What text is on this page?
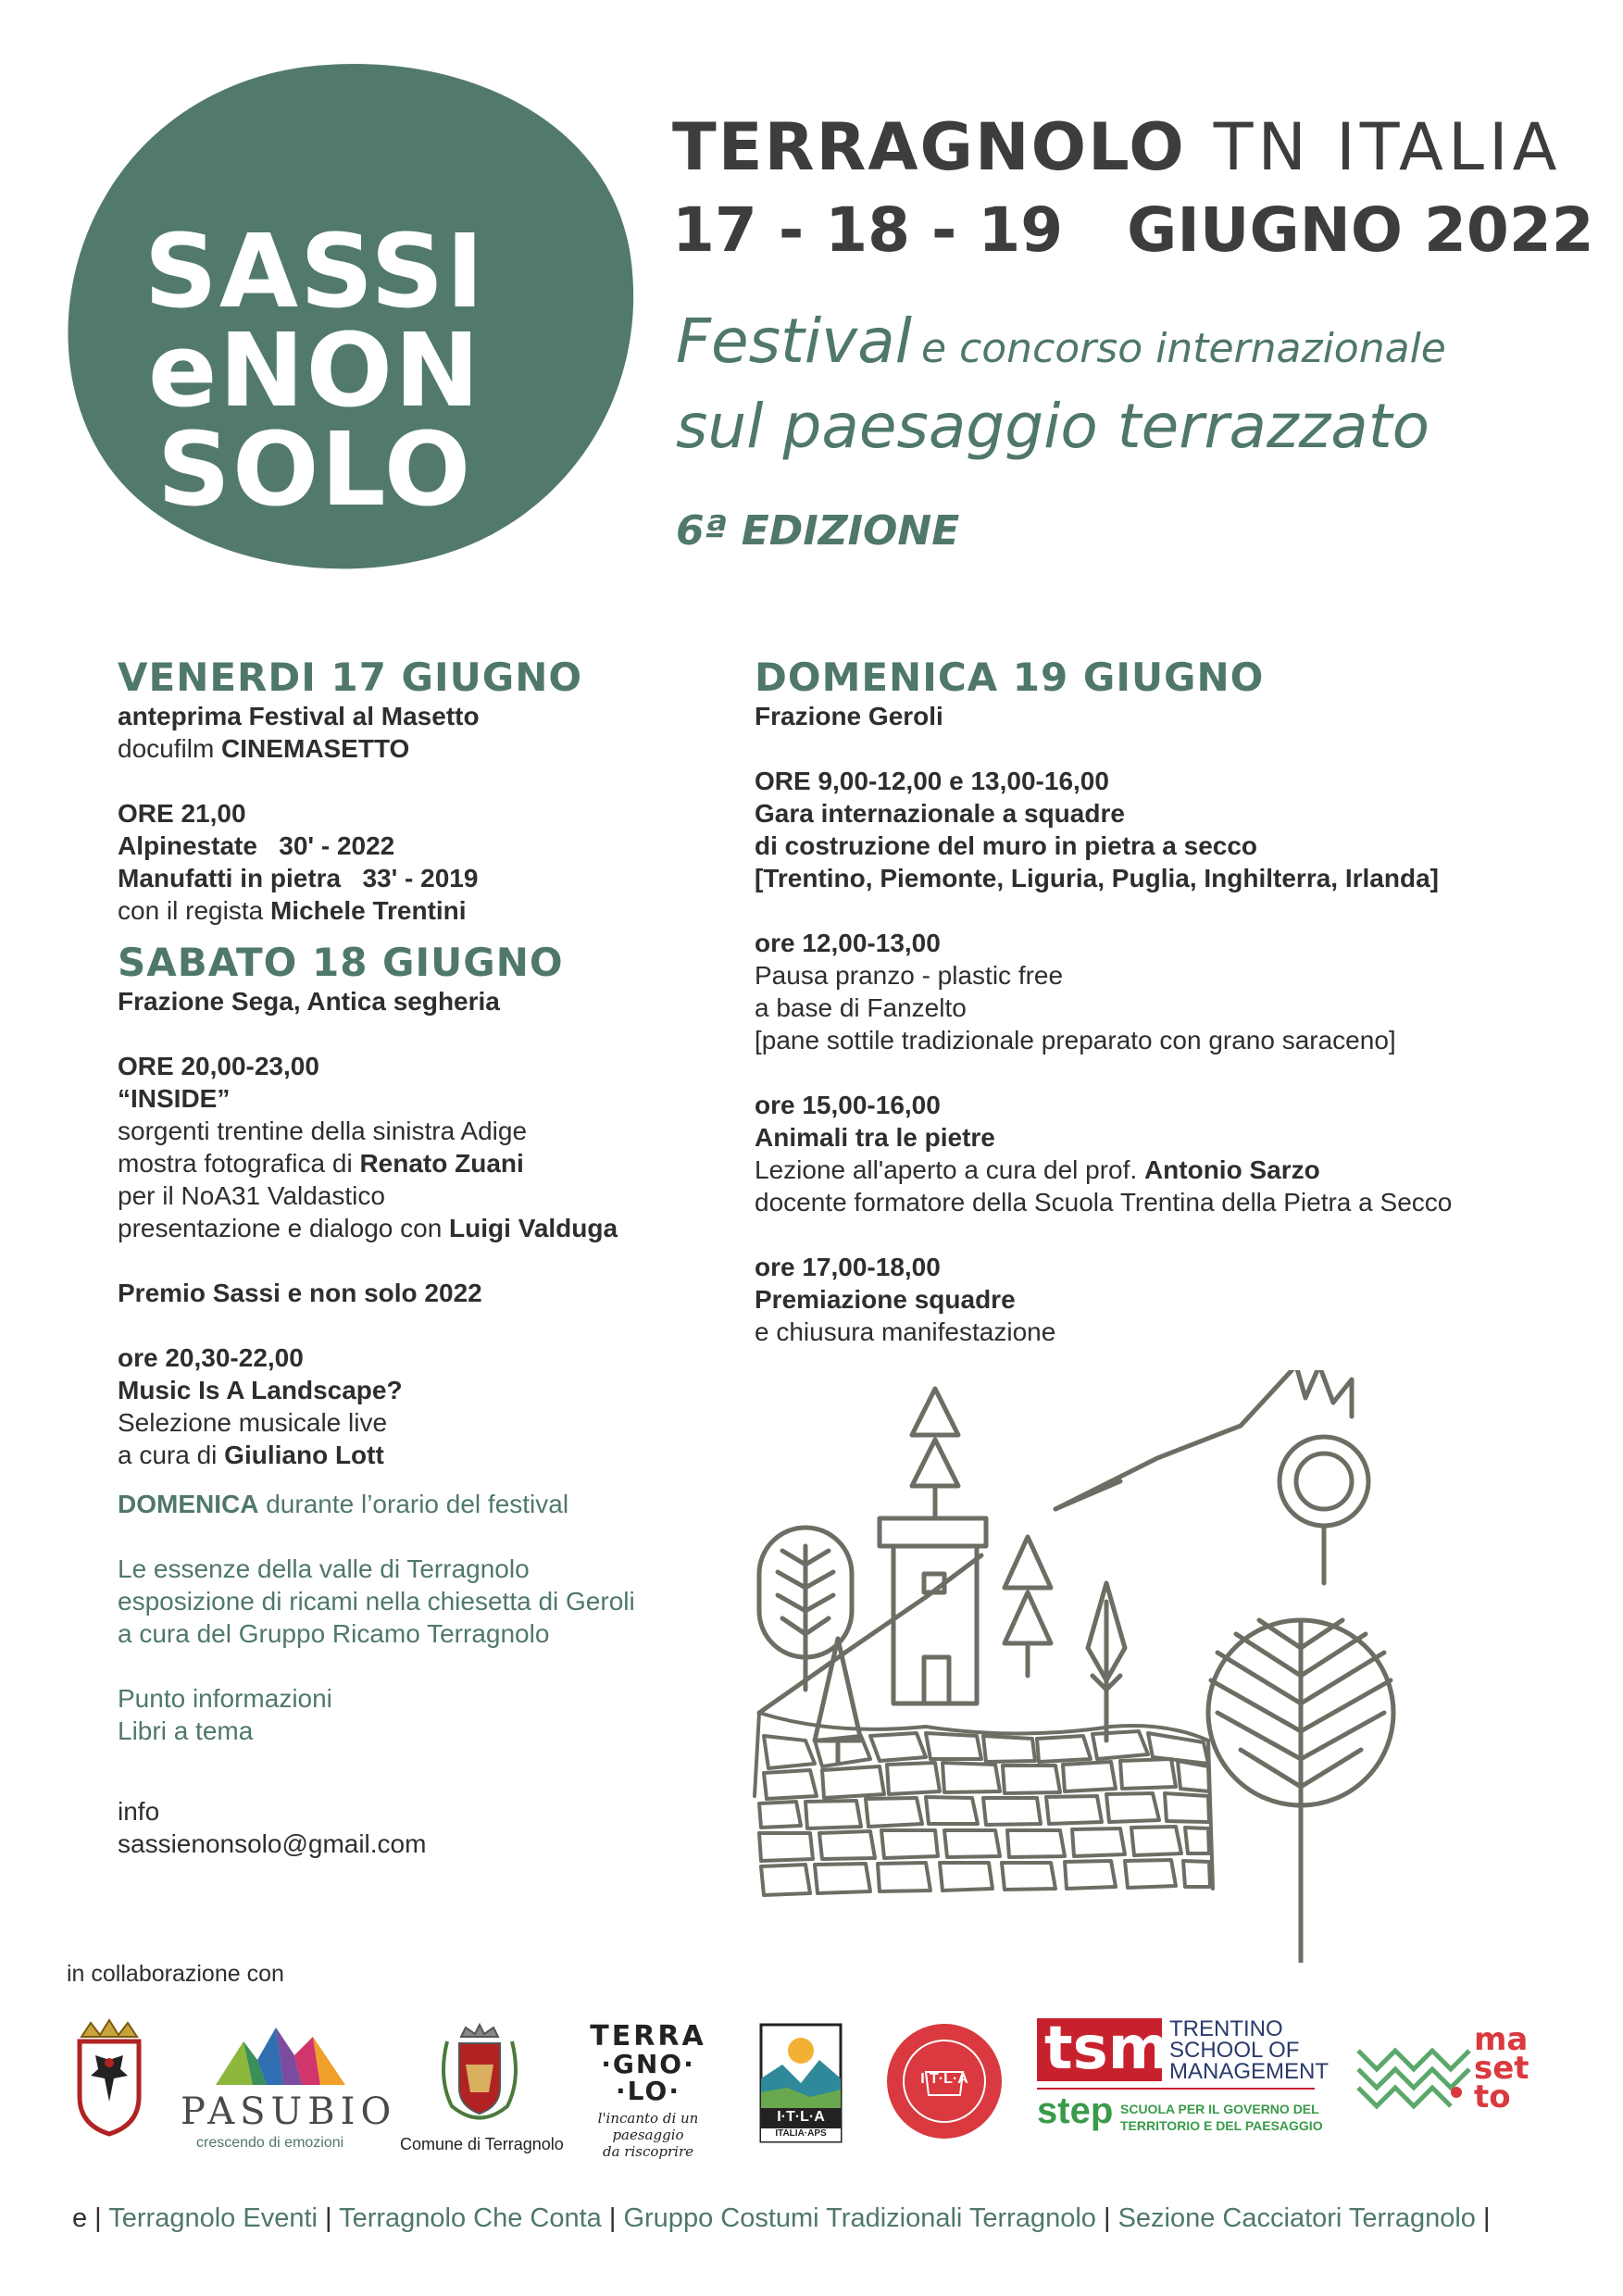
SASSI
eNON
SOLO
TERRAGNOLO TN ITALIA
17 - 18 - 19   GIUGNO 2022
Festival e concorso internazionale
sul paesaggio terrazzato
6ª EDIZIONE

VENERDI 17 GIUGNO

anteprima Festival al Masetto

docufilm CINEMASETTO

ORE 21,00

Alpinestate   30' - 2022

Manufatti in pietra   33' - 2019

con il regista Michele Trentini

SABATO 18 GIUGNO

Frazione Sega, Antica segheria

ORE 20,00-23,00

“INSIDE”

sorgenti trentine della sinistra Adige

mostra fotografica di Renato Zuani

per il NoA31 Valdastico

presentazione e dialogo con Luigi Valduga

Premio Sassi e non solo 2022

ore 20,30-22,00

Music Is A Landscape?

Selezione musicale live

a cura di Giuliano Lott

DOMENICA durante l’orario del festival

Le essenze della valle di Terragnolo

esposizione di ricami nella chiesetta di Geroli

a cura del Gruppo Ricamo Terragnolo

Punto informazioni

Libri a tema

info

sassienonsolo@gmail.com

DOMENICA 19 GIUGNO

Frazione Geroli

ORE 9,00-12,00 e 13,00-16,00

Gara internazionale a squadre

di costruzione del muro in pietra a secco

[Trentino, Piemonte, Liguria, Puglia, Inghilterra, Irlanda]

ore 12,00-13,00

Pausa pranzo - plastic free

a base di Fanzelto

[pane sottile tradizionale preparato con grano saraceno]

ore 15,00-16,00

Animali tra le pietre

Lezione all'aperto a cura del prof. Antonio Sarzo

docente formatore della Scuola Trentina della Pietra a Secco

ore 17,00-18,00

Premiazione squadre

e chiusura manifestazione

in collaborazione con
PASUBIO
crescendo di emozioni	Comune di Terragnolo
TERRA
·GNO·
·LO·
l'incanto di un paesaggio
da riscoprire
I·T·L·A
ITALIA·APS
I·T·L·A	tsm TRENTINO
SCHOOL OF
MANAGEMENT
step SCUOLA PER IL GOVERNO DEL
TERRITORIO E DEL PAESAGGIO
ma
set
to
e | Terragnolo Eventi | Terragnolo Che Conta | Gruppo Costumi Tradizionali Terragnolo | Sezione Cacciatori Terragnolo |
